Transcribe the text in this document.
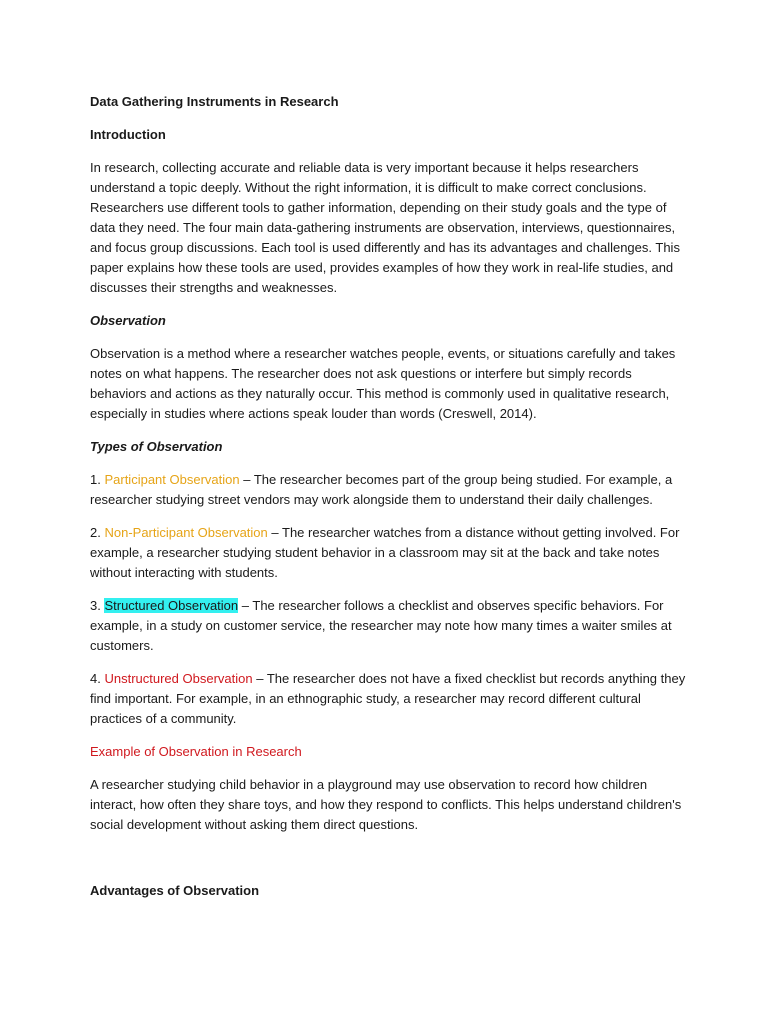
Data Gathering Instruments in Research

Introduction

In research, collecting accurate and reliable data is very important because it helps researchers understand a topic deeply. Without the right information, it is difficult to make correct conclusions. Researchers use different tools to gather information, depending on their study goals and the type of data they need. The four main data-gathering instruments are observation, interviews, questionnaires, and focus group discussions. Each tool is used differently and has its advantages and challenges. This paper explains how these tools are used, provides examples of how they work in real-life studies, and discusses their strengths and weaknesses.

Observation

Observation is a method where a researcher watches people, events, or situations carefully and takes notes on what happens. The researcher does not ask questions or interfere but simply records behaviors and actions as they naturally occur. This method is commonly used in qualitative research, especially in studies where actions speak louder than words (Creswell, 2014).

Types of Observation

1. Participant Observation – The researcher becomes part of the group being studied. For example, a researcher studying street vendors may work alongside them to understand their daily challenges.

2. Non-Participant Observation – The researcher watches from a distance without getting involved. For example, a researcher studying student behavior in a classroom may sit at the back and take notes without interacting with students.

3. Structured Observation – The researcher follows a checklist and observes specific behaviors. For example, in a study on customer service, the researcher may note how many times a waiter smiles at customers.

4. Unstructured Observation – The researcher does not have a fixed checklist but records anything they find important. For example, in an ethnographic study, a researcher may record different cultural practices of a community.

Example of Observation in Research

A researcher studying child behavior in a playground may use observation to record how children interact, how often they share toys, and how they respond to conflicts. This helps understand children's social development without asking them direct questions.

Advantages of Observation
